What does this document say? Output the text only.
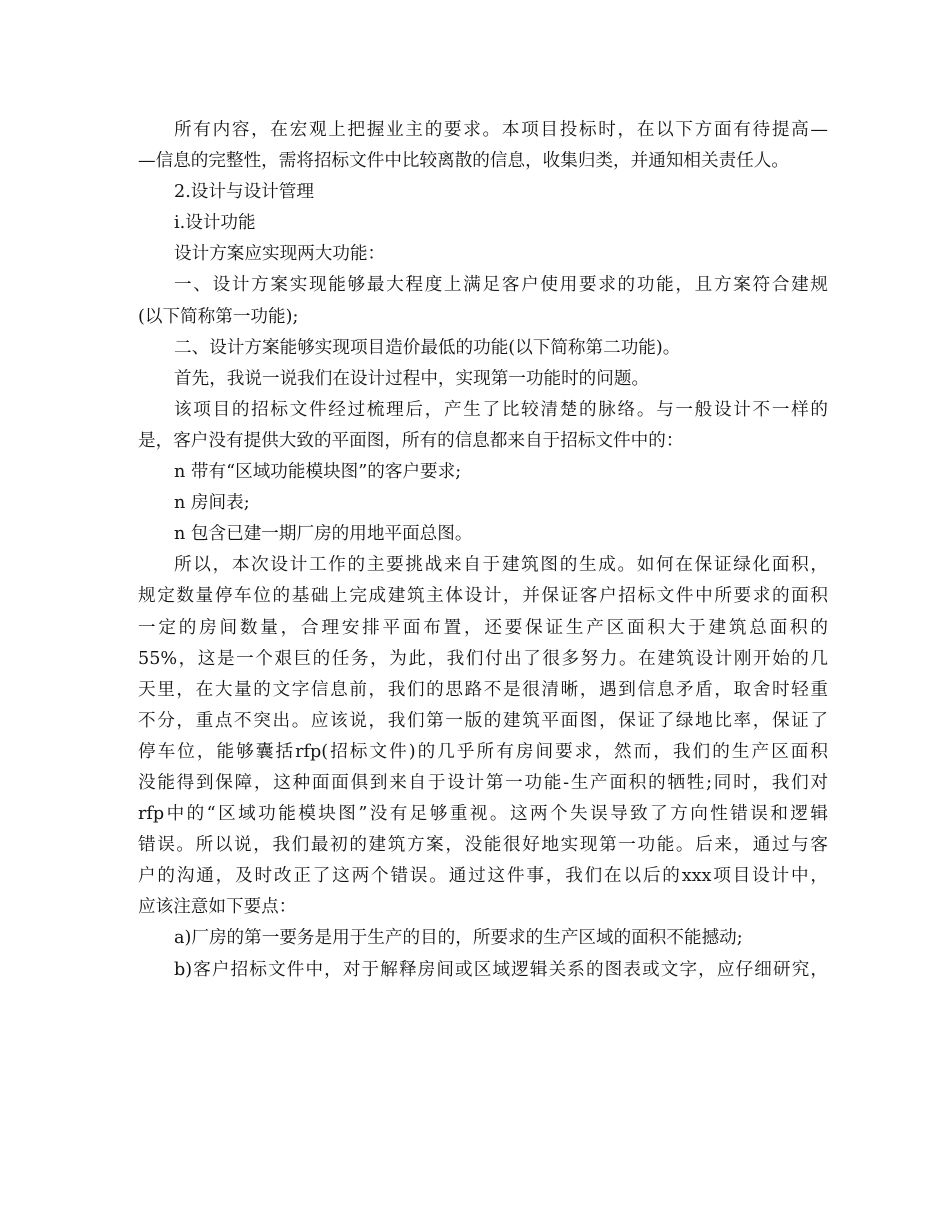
所有内容，在宏观上把握业主的要求。本项目投标时，在以下方面有待提高—
—信息的完整性，需将招标文件中比较离散的信息，收集归类，并通知相关责任人。
2.设计与设计管理
i.设计功能
设计方案应实现两大功能：
一、设计方案实现能够最大程度上满足客户使用要求的功能，且方案符合建规
(以下简称第一功能);
二、设计方案能够实现项目造价最低的功能(以下简称第二功能)。
首先，我说一说我们在设计过程中，实现第一功能时的问题。
该项目的招标文件经过梳理后，产生了比较清楚的脉络。与一般设计不一样的
是，客户没有提供大致的平面图，所有的信息都来自于招标文件中的：
n 带有“区域功能模块图”的客户要求;
n 房间表;
n 包含已建一期厂房的用地平面总图。
所以，本次设计工作的主要挑战来自于建筑图的生成。如何在保证绿化面积，
规定数量停车位的基础上完成建筑主体设计，并保证客户招标文件中所要求的面积
一定的房间数量，合理安排平面布置，还要保证生产区面积大于建筑总面积的
55%，这是一个艰巨的任务，为此，我们付出了很多努力。在建筑设计刚开始的几
天里，在大量的文字信息前，我们的思路不是很清晰，遇到信息矛盾，取舍时轻重
不分，重点不突出。应该说，我们第一版的建筑平面图，保证了绿地比率，保证了
停车位，能够囊括rfp(招标文件)的几乎所有房间要求，然而，我们的生产区面积
没能得到保障，这种面面俱到来自于设计第一功能-生产面积的牺牲;同时，我们对
rfp中的“区域功能模块图”没有足够重视。这两个失误导致了方向性错误和逻辑
错误。所以说，我们最初的建筑方案，没能很好地实现第一功能。后来，通过与客
户的沟通，及时改正了这两个错误。通过这件事，我们在以后的xxx项目设计中，
应该注意如下要点：
a)厂房的第一要务是用于生产的目的，所要求的生产区域的面积不能撼动;
b)客户招标文件中，对于解释房间或区域逻辑关系的图表或文字，应仔细研究，
